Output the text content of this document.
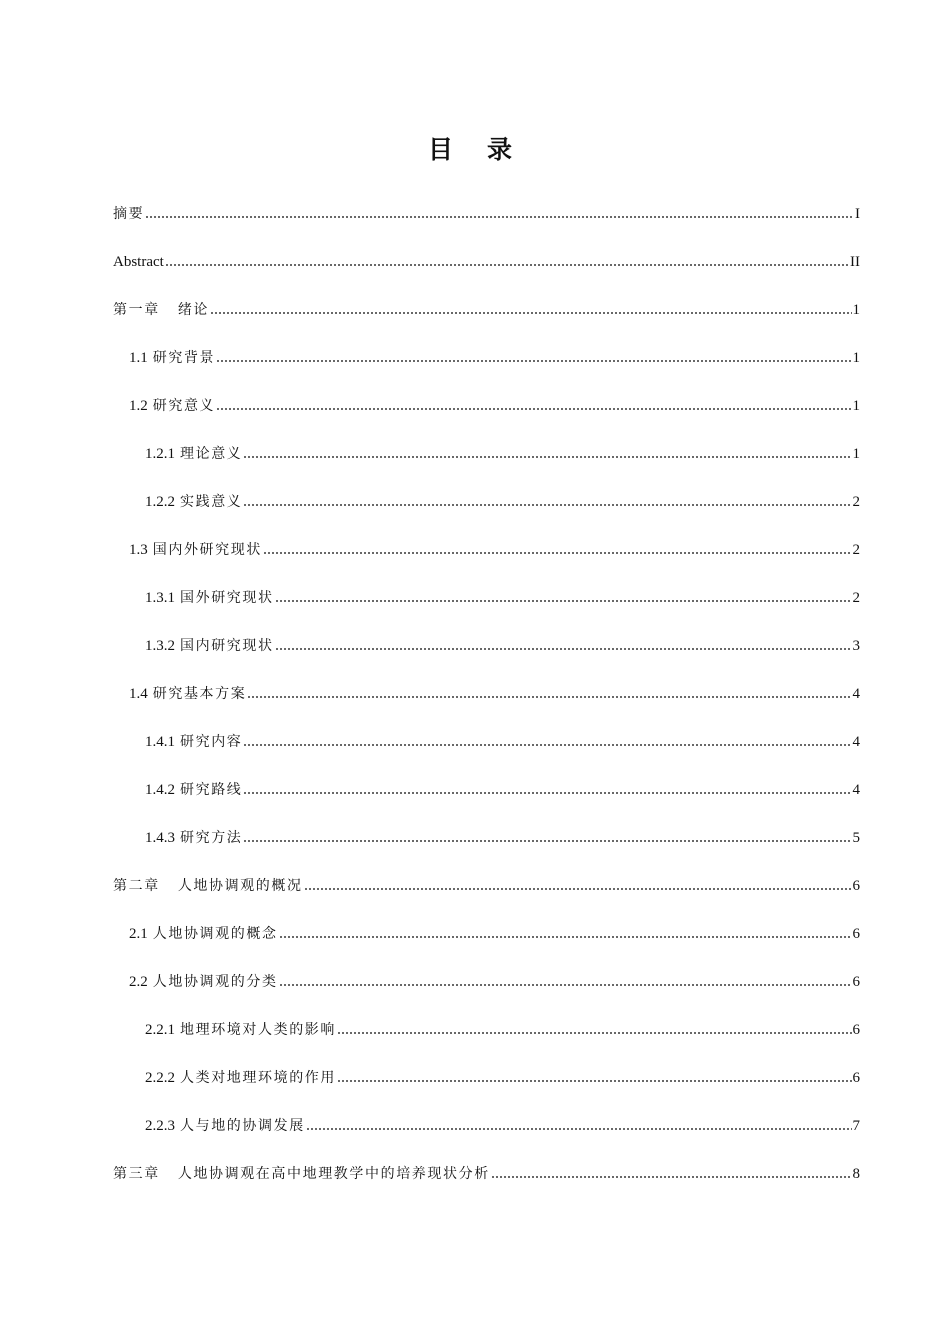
目录
摘要	I
Abstract	II
第一章 绪论	1
1.1 研究背景	1
1.2 研究意义	1
1.2.1 理论意义	1
1.2.2 实践意义	2
1.3 国内外研究现状	2
1.3.1 国外研究现状	2
1.3.2 国内研究现状	3
1.4 研究基本方案	4
1.4.1 研究内容	4
1.4.2 研究路线	4
1.4.3 研究方法	5
第二章 人地协调观的概况	6
2.1 人地协调观的概念	6
2.2 人地协调观的分类	6
2.2.1 地理环境对人类的影响	6
2.2.2 人类对地理环境的作用	6
2.2.3 人与地的协调发展	7
第三章 人地协调观在高中地理教学中的培养现状分析	8
